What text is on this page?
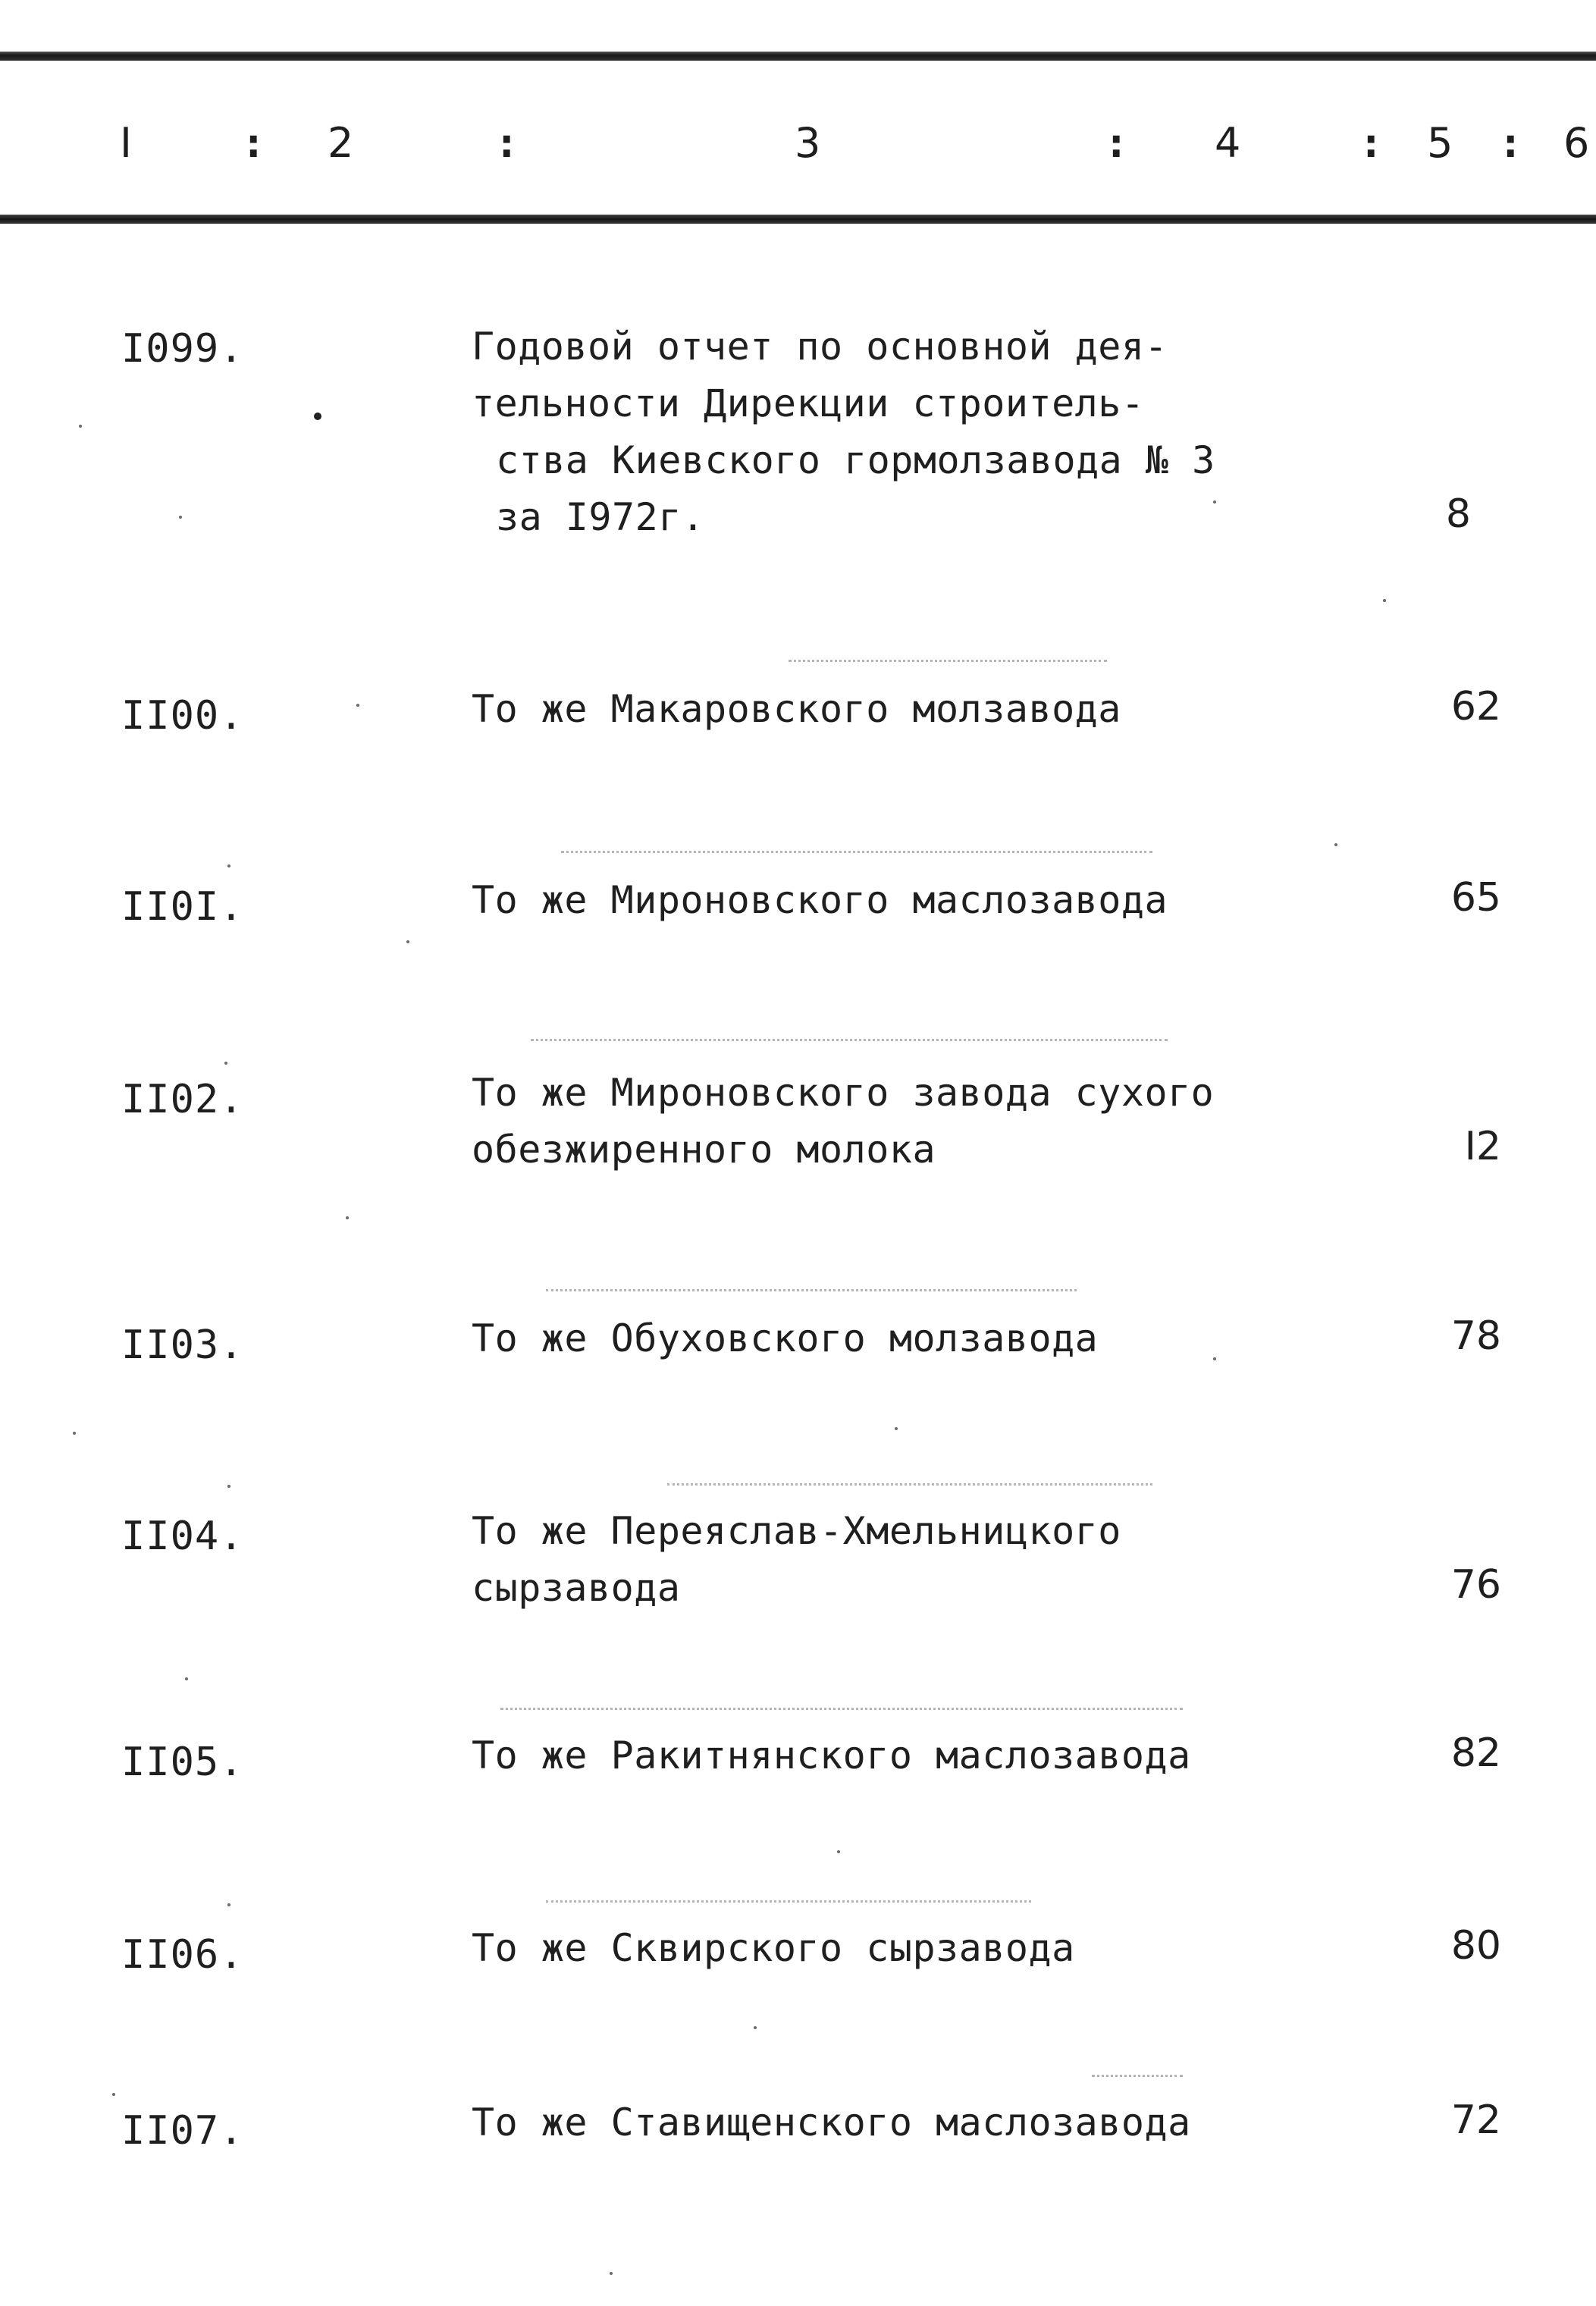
I	: 2	:	3	: 4	: 5 : 6
I099.	Годовой отчет по основной дея-
тельности Дирекции строитель-
ства Киевского гормолзавода № 3
за I972г.	8
II00.	То же Макаровского молзавода	62
II0I.	То же Мироновского маслозавода	65
II02.	То же Мироновского завода сухого
обезжиренного молока	I2
II03.	То же Обуховского молзавода	78
II04.	То же Переяслав-Хмельницкого
сырзавода	76
II05.	То же Ракитнянского маслозавода	82
II06.	То же Сквирского сырзавода	80
II07.	То же Ставищенского маслозавода	72
